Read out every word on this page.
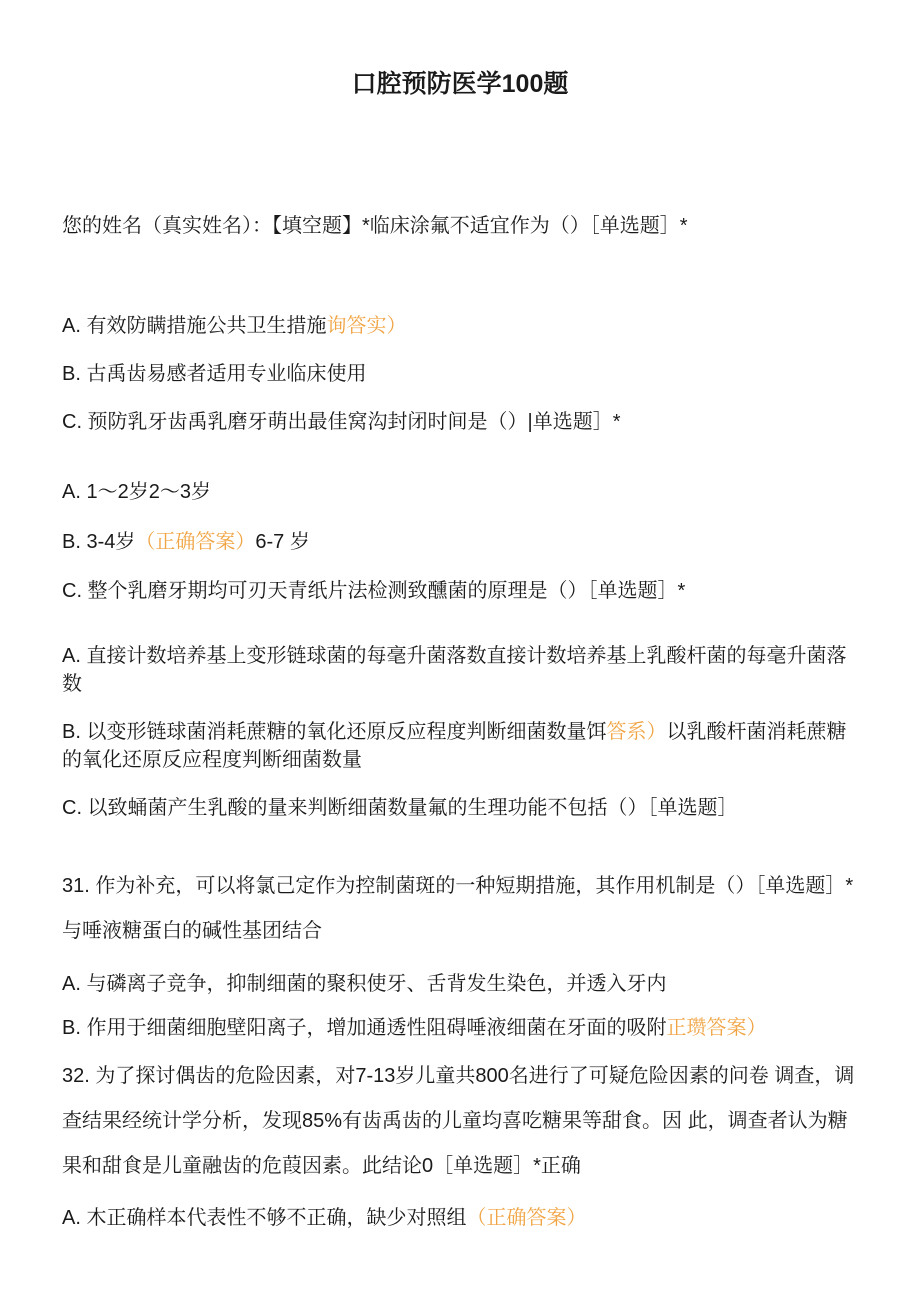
口腔预防医学100题
您的姓名（真实姓名）：【填空题】*临床涂氟不适宜作为（）［单选题］*
A. 有效防瞒措施公共卫生措施询答实）
B. 古禹齿易感者适用专业临床使用
C. 预防乳牙齿禹乳磨牙萌出最佳窝沟封闭时间是（）|单选题］*
A. 1〜2岁2〜3岁
B. 3-4岁（正确答案）6-7 岁
C. 整个乳磨牙期均可刃天青纸片法检测致醺菌的原理是（）［单选题］*
A. 直接计数培养基上变形链球菌的每毫升菌落数直接计数培养基上乳酸杆菌的每毫升菌落数
B. 以变形链球菌消耗蔗糖的氧化还原反应程度判断细菌数量饵答系）以乳酸杆菌消耗蔗糖的氧化还原反应程度判断细菌数量
C. 以致蛹菌产生乳酸的量来判断细菌数量氟的生理功能不包括（）［单选题］
31. 作为补充，可以将氯己定作为控制菌斑的一种短期措施，其作用机制是（）［单选题］*与唾液糖蛋白的碱性基团结合
A. 与磷离子竞争，抑制细菌的聚积使牙、舌背发生染色，并透入牙内
B. 作用于细菌细胞壁阳离子，增加通透性阻碍唾液细菌在牙面的吸附正瓒答案）
32. 为了探讨偶齿的危险因素，对7-13岁儿童共800名进行了可疑危险因素的问卷 调查，调查结果经统计学分析，发现85%有齿禹齿的儿童均喜吃糖果等甜食。因 此，调查者认为糖果和甜食是儿童融齿的危葭因素。此结论0［单选题］*正确
A. 木正确样本代表性不够不正确，缺少对照组（正确答案）
